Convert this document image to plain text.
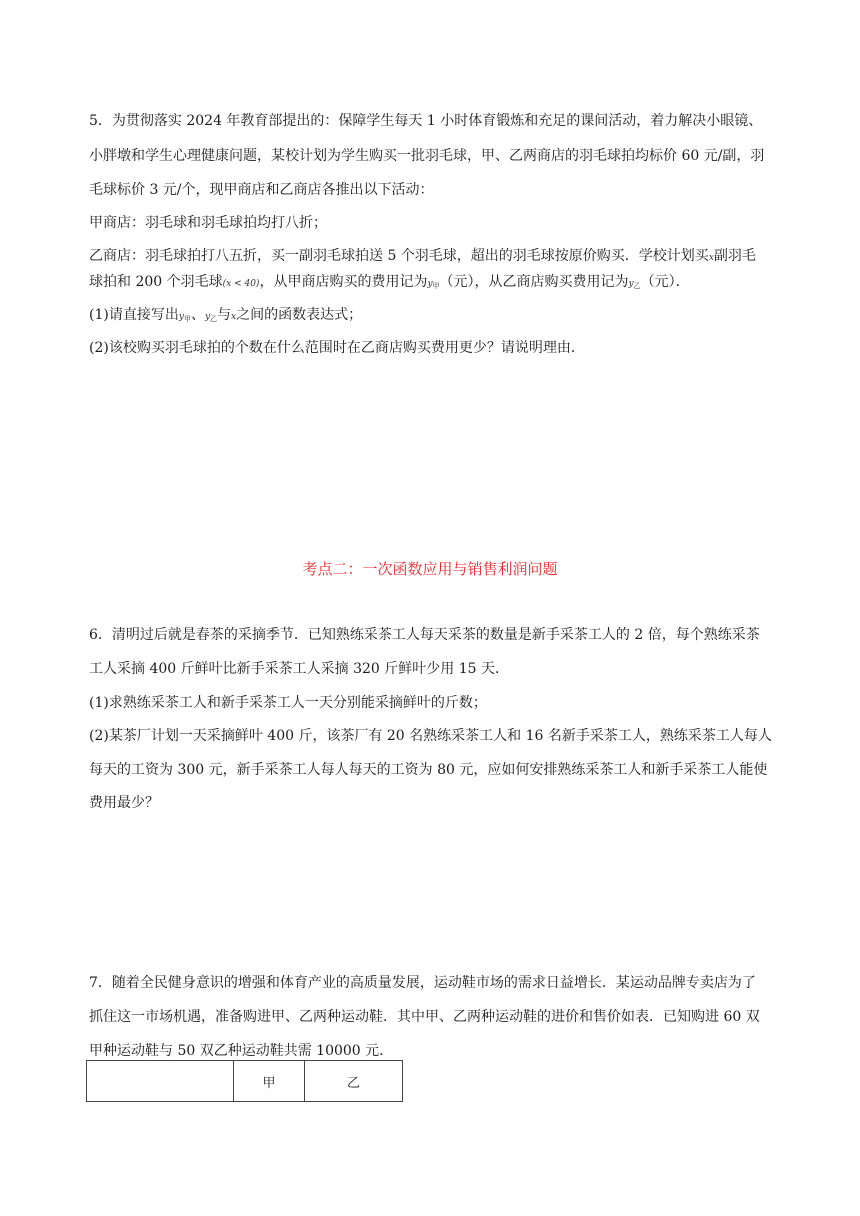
5．为贯彻落实 2024 年教育部提出的：保障学生每天 1 小时体育锻炼和充足的课间活动，着力解决小眼镜、
小胖墩和学生心理健康问题，某校计划为学生购买一批羽毛球，甲、乙两商店的羽毛球拍均标价 60 元/副，羽
毛球标价 3 元/个，现甲商店和乙商店各推出以下活动：
甲商店：羽毛球和羽毛球拍均打八折；
乙商店：羽毛球拍打八五折，买一副羽毛球拍送 5 个羽毛球，超出的羽毛球按原价购买．学校计划买x副羽毛
球拍和 200 个羽毛球(x < 40)，从甲商店购买的费用记为$y_甲$（元），从乙商店购买费用记为$y_乙$（元）．
(1)请直接写出$y_甲$、$y_乙$与x之间的函数表达式；
(2)该校购买羽毛球拍的个数在什么范围时在乙商店购买费用更少？请说明理由．
考点二：一次函数应用与销售利润问题
6．清明过后就是春茶的采摘季节．已知熟练采茶工人每天采茶的数量是新手采茶工人的 2 倍，每个熟练采茶
工人采摘 400 斤鲜叶比新手采茶工人采摘 320 斤鲜叶少用 15 天．
(1)求熟练采茶工人和新手采茶工人一天分别能采摘鲜叶的斤数；
(2)某茶厂计划一天采摘鲜叶 400 斤，该茶厂有 20 名熟练采茶工人和 16 名新手采茶工人，熟练采茶工人每人
每天的工资为 300 元，新手采茶工人每人每天的工资为 80 元，应如何安排熟练采茶工人和新手采茶工人能使
费用最少？
7．随着全民健身意识的增强和体育产业的高质量发展，运动鞋市场的需求日益增长．某运动品牌专卖店为了
抓住这一市场机遇，准备购进甲、乙两种运动鞋．其中甲、乙两种运动鞋的进价和售价如表．已知购进 60 双
甲种运动鞋与 50 双乙种运动鞋共需 10000 元．
	甲	乙
